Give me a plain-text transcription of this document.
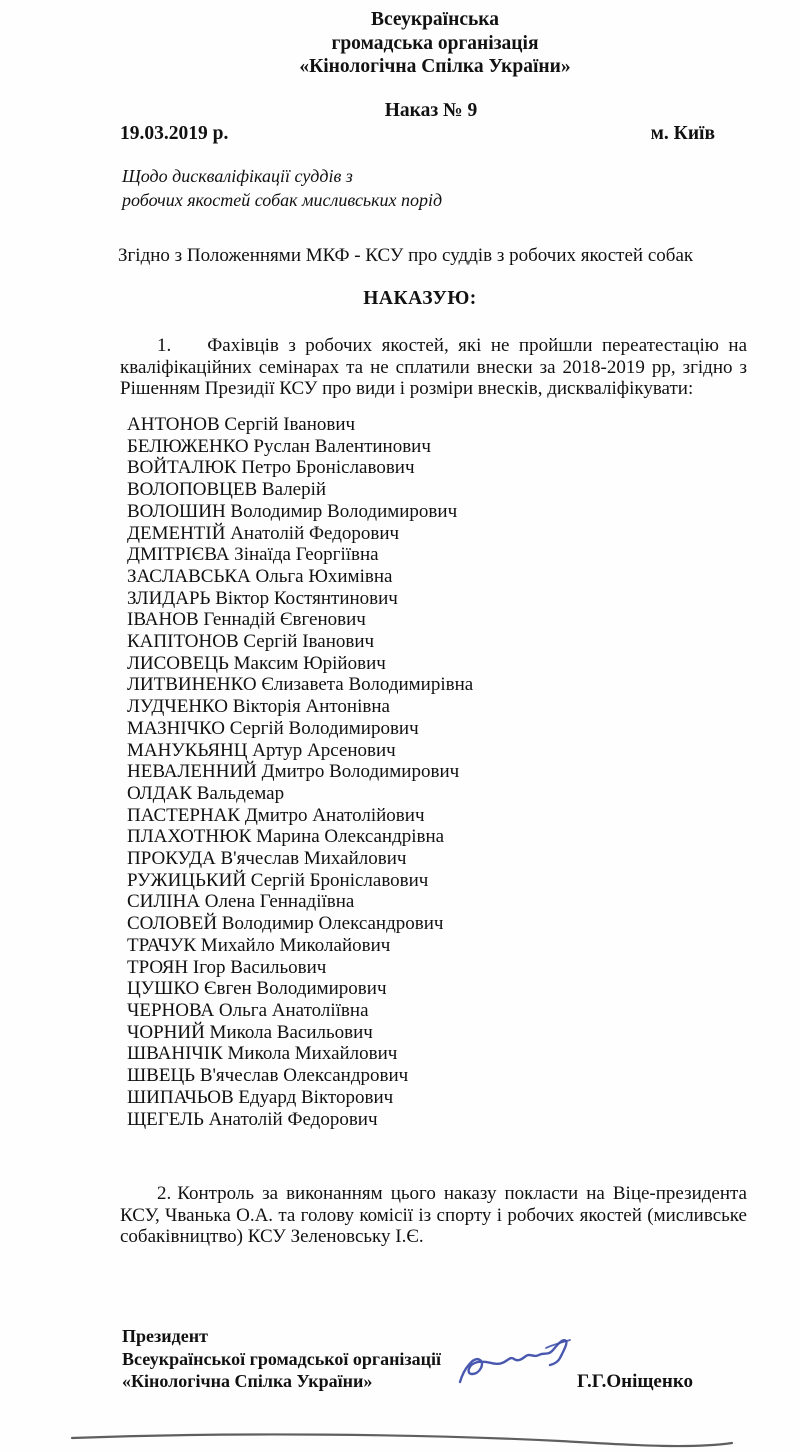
Всеукраїнська
громадська організація
«Кінологічна Спілка України»
Наказ № 9
19.03.2019 р.	м. Київ
Щодо дискваліфікації суддів з
робочих якостей собак мисливських порід
Згідно з Положеннями МКФ - КСУ про суддів з робочих якостей собак
НАКАЗУЮ:

1. Фахівців з робочих якостей, які не пройшли переатестацію на кваліфікаційних семінарах та не сплатили внески за 2018-2019 рр, згідно з Рішенням Президії КСУ про види і розміри внесків, дискваліфікувати:

АНТОНОВ Сергій Іванович
БЕЛЮЖЕНКО Руслан Валентинович
ВОЙТАЛЮК Петро Броніславович
ВОЛОПОВЦЕВ Валерій
ВОЛОШИН Володимир Володимирович
ДЕМЕНТІЙ Анатолій Федорович
ДМІТРІЄВА Зінаїда Георгіївна
ЗАСЛАВСЬКА Ольга Юхимівна
ЗЛИДАРЬ Віктор Костянтинович
ІВАНОВ Геннадій Євгенович
КАПІТОНОВ Сергій Іванович
ЛИСОВЕЦЬ Максим Юрійович
ЛИТВИНЕНКО Єлизавета Володимирівна
ЛУДЧЕНКО Вікторія Антонівна
МАЗНІЧКО Сергій Володимирович
МАНУКЬЯНЦ Артур Арсенович
НЕВАЛЕННИЙ Дмитро Володимирович
ОЛДАК Вальдемар
ПАСТЕРНАК Дмитро Анатолійович
ПЛАХОТНЮК Марина Олександрівна
ПРОКУДА В'ячеслав Михайлович
РУЖИЦЬКИЙ Сергій Броніславович
СИЛІНА Олена Геннадіївна
СОЛОВЕЙ Володимир Олександрович
ТРАЧУК Михайло Миколайович
ТРОЯН Ігор Васильович
ЦУШКО Євген Володимирович
ЧЕРНОВА Ольга Анатоліївна
ЧОРНИЙ Микола Васильович
ШВАНІЧІК Микола Михайлович
ШВЕЦЬ В'ячеслав Олександрович
ШИПАЧЬОВ Едуард Вікторович
ЩЕГЕЛЬ Анатолій Федорович

2. Контроль за виконанням цього наказу покласти на Віце-президента КСУ, Чванька О.А. та голову комісії із спорту і робочих якостей (мисливське собаківництво) КСУ Зеленовську І.Є.

Президент
Всеукраїнської громадської організації
«Кінологічна Спілка України»	Г.Г.Оніщенко
